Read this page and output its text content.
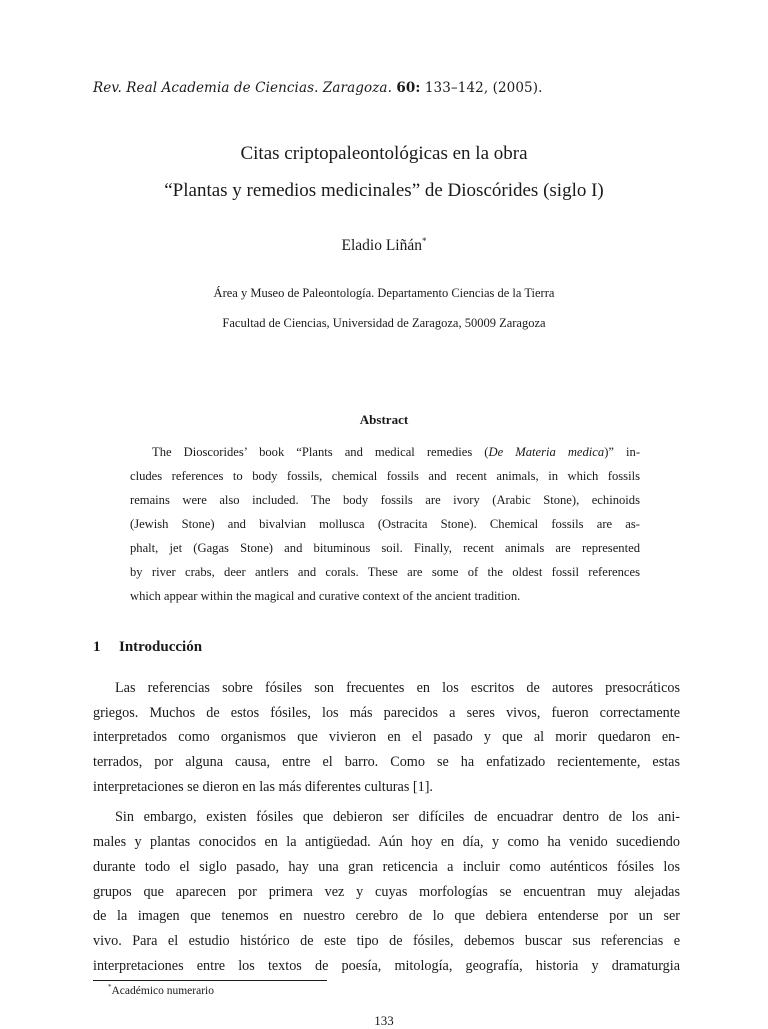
Rev. Real Academia de Ciencias. Zaragoza. 60: 133–142, (2005).
Citas criptopaleontológicas en la obra
“Plantas y remedios medicinales” de Dioscórides (siglo I)
Eladio Liñán*
Área y Museo de Paleontología. Departamento Ciencias de la Tierra
Facultad de Ciencias, Universidad de Zaragoza, 50009 Zaragoza
Abstract
The Dioscorides’ book “Plants and medical remedies (De Materia medica)” in-
cludes references to body fossils, chemical fossils and recent animals, in which fossils
remains were also included. The body fossils are ivory (Arabic Stone), echinoids
(Jewish Stone) and bivalvian mollusca (Ostracita Stone). Chemical fossils are as-
phalt, jet (Gagas Stone) and bituminous soil. Finally, recent animals are represented
by river crabs, deer antlers and corals. These are some of the oldest fossil references
which appear within the magical and curative context of the ancient tradition.
1 Introducción
Las referencias sobre fósiles son frecuentes en los escritos de autores presocráticos
griegos. Muchos de estos fósiles, los más parecidos a seres vivos, fueron correctamente
interpretados como organismos que vivieron en el pasado y que al morir quedaron en-
terrados, por alguna causa, entre el barro. Como se ha enfatizado recientemente, estas
interpretaciones se dieron en las más diferentes culturas [1].
Sin embargo, existen fósiles que debieron ser difíciles de encuadrar dentro de los ani-
males y plantas conocidos en la antigüedad. Aún hoy en día, y como ha venido sucediendo
durante todo el siglo pasado, hay una gran reticencia a incluir como auténticos fósiles los
grupos que aparecen por primera vez y cuyas morfologías se encuentran muy alejadas
de la imagen que tenemos en nuestro cerebro de lo que debiera entenderse por un ser
vivo. Para el estudio histórico de este tipo de fósiles, debemos buscar sus referencias e
interpretaciones entre los textos de poesía, mitología, geografía, historia y dramaturgia
*Académico numerario
133
